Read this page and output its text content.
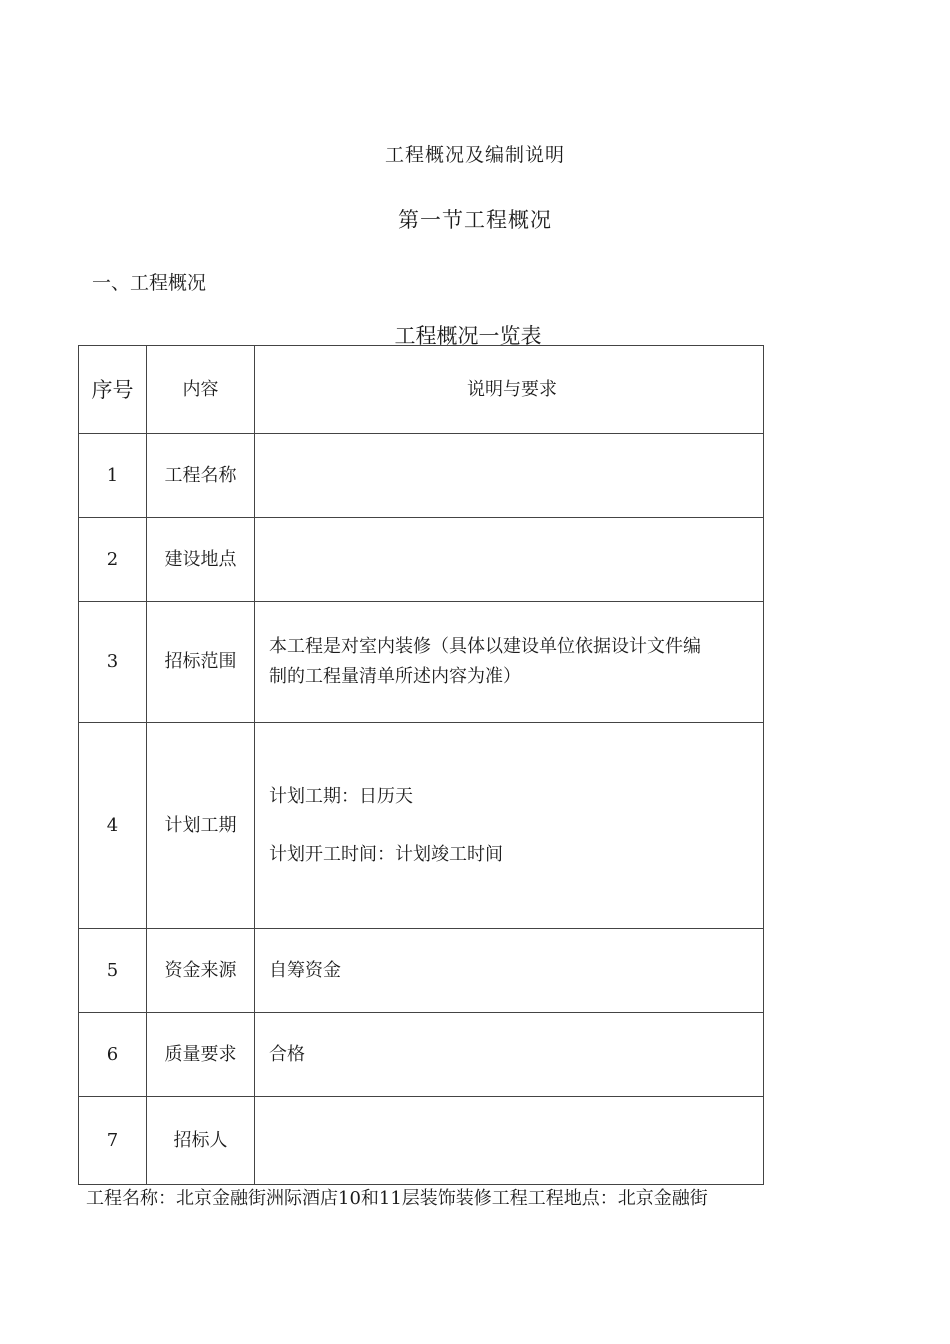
工程概况及编制说明
第一节工程概况
一、工程概况
工程概况一览表
序号	内容	说明与要求
1	工程名称	
2	建设地点	
3	招标范围	本工程是对室内装修（具体以建设单位依据设计文件编
制的工程量清单所述内容为准）

4	计划工期	计划工期：日历天
计划开工时间：计划竣工时间

5	资金来源	自筹资金
6	质量要求	合格
7	招标人	
工程名称：北京金融街洲际酒店10和11层装饰装修工程工程地点：北京金融街
